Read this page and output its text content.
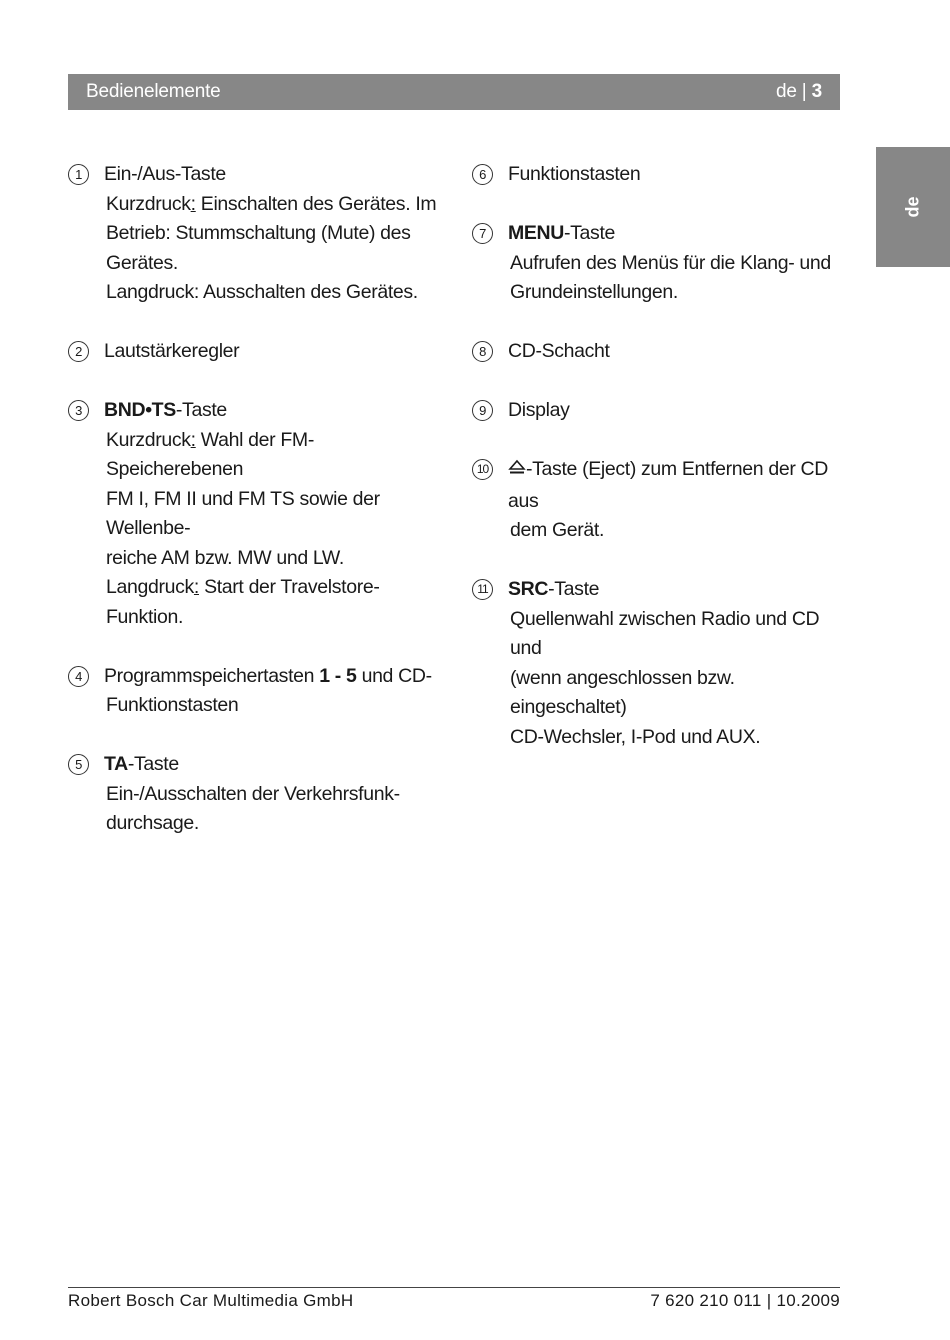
Bedienelemente	de | 3
de
1	Ein-/Aus-Taste
Kurzdruck: Einschalten des Gerätes. Im
Betrieb: Stummschaltung (Mute) des
Gerätes.
Langdruck: Ausschalten des Gerätes.
2	Lautstärkeregler
3	BND•TS-Taste
Kurzdruck: Wahl der FM-Speicherebenen
FM I, FM II und FM TS sowie der Wellenbe-
reiche AM bzw. MW und LW.
Langdruck: Start der Travelstore-
Funktion.
4	Programmspeichertasten 1 - 5 und CD-
Funktionstasten
5	TA-Taste
Ein-/Ausschalten der Verkehrsfunk-
durchsage.
6	Funktionstasten
7	MENU-Taste
Aufrufen des Menüs für die Klang- und
Grundeinstellungen.
8	CD-Schacht
9	Display
10	-Taste (Eject) zum Entfernen der CD aus
dem Gerät.
11 SRC-Taste
Quellenwahl zwischen Radio und CD und
(wenn angeschlossen bzw. eingeschaltet)
CD-Wechsler, I-Pod und AUX.
Robert Bosch Car Multimedia GmbH	7 620 210 011 | 10.2009
